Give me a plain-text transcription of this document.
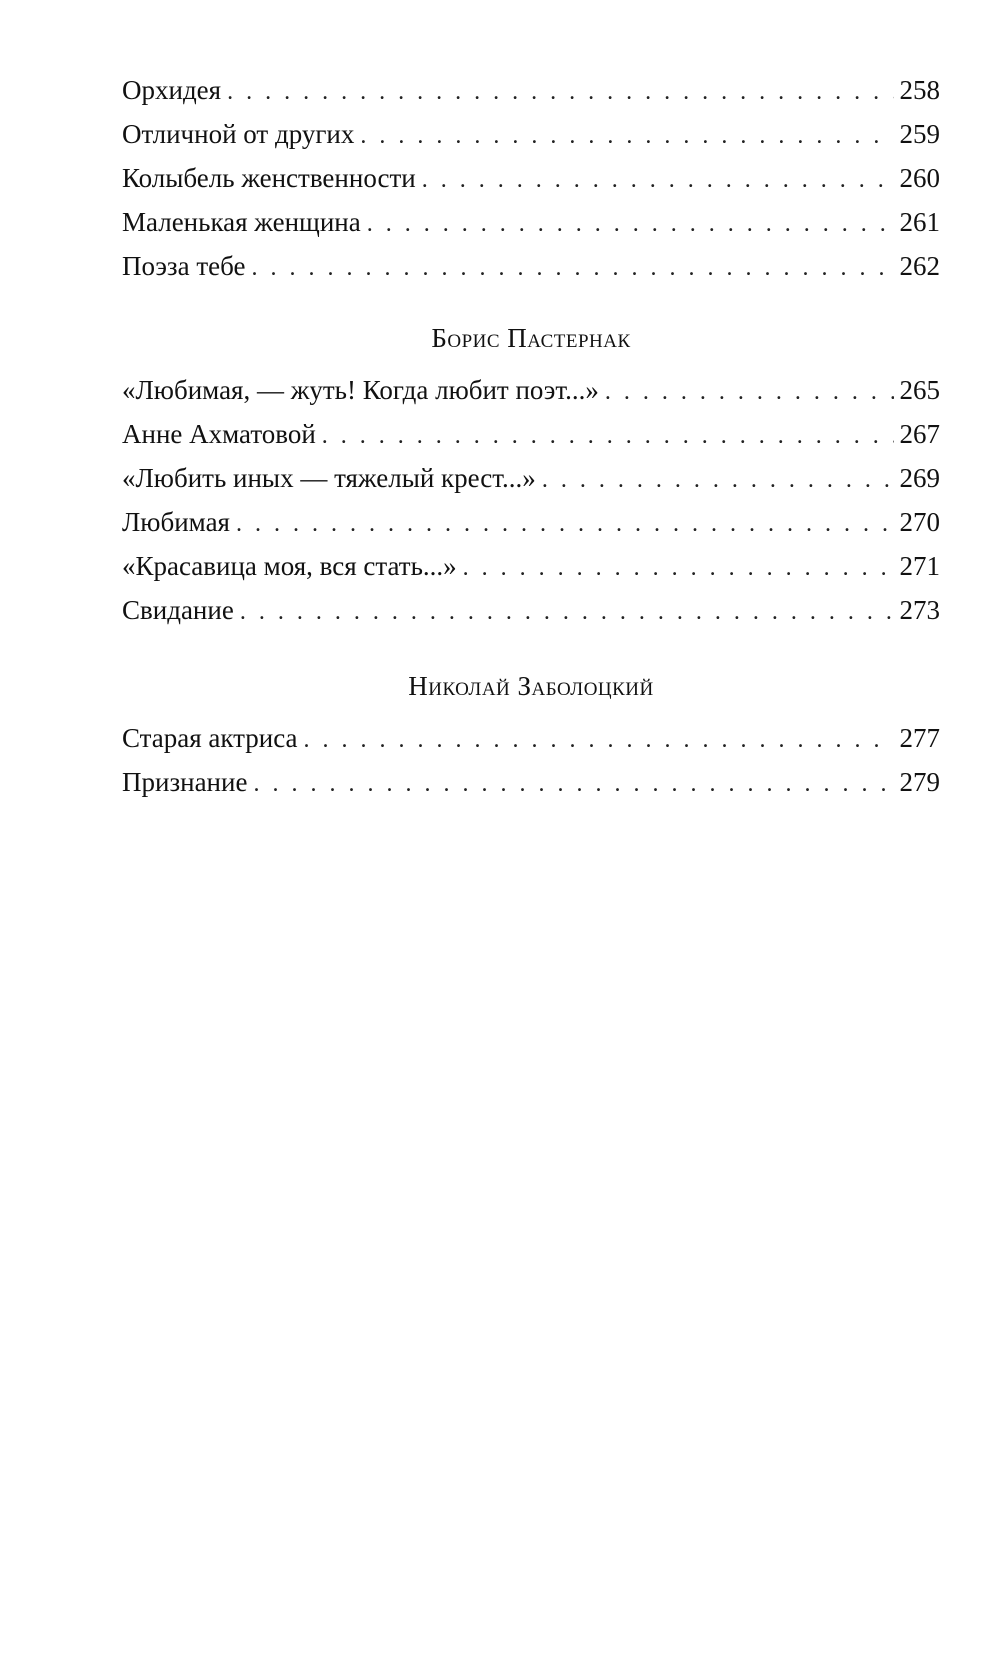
Орхидея . . .	258
Отличной от других . . .	259
Колыбель женственности . . .	260
Маленькая женщина . . .	261
Поэза тебе . . .	262
Борис Пастернак
«Любимая, — жуть! Когда любит поэт...» . . .	265
Анне Ахматовой . . .	267
«Любить иных — тяжелый крест...» . . .	269
Любимая . . .	270
«Красавица моя, вся стать...» . . .	271
Свидание . . .	273
Николай Заболоцкий
Старая актриса . . .	277
Признание . . .	279
